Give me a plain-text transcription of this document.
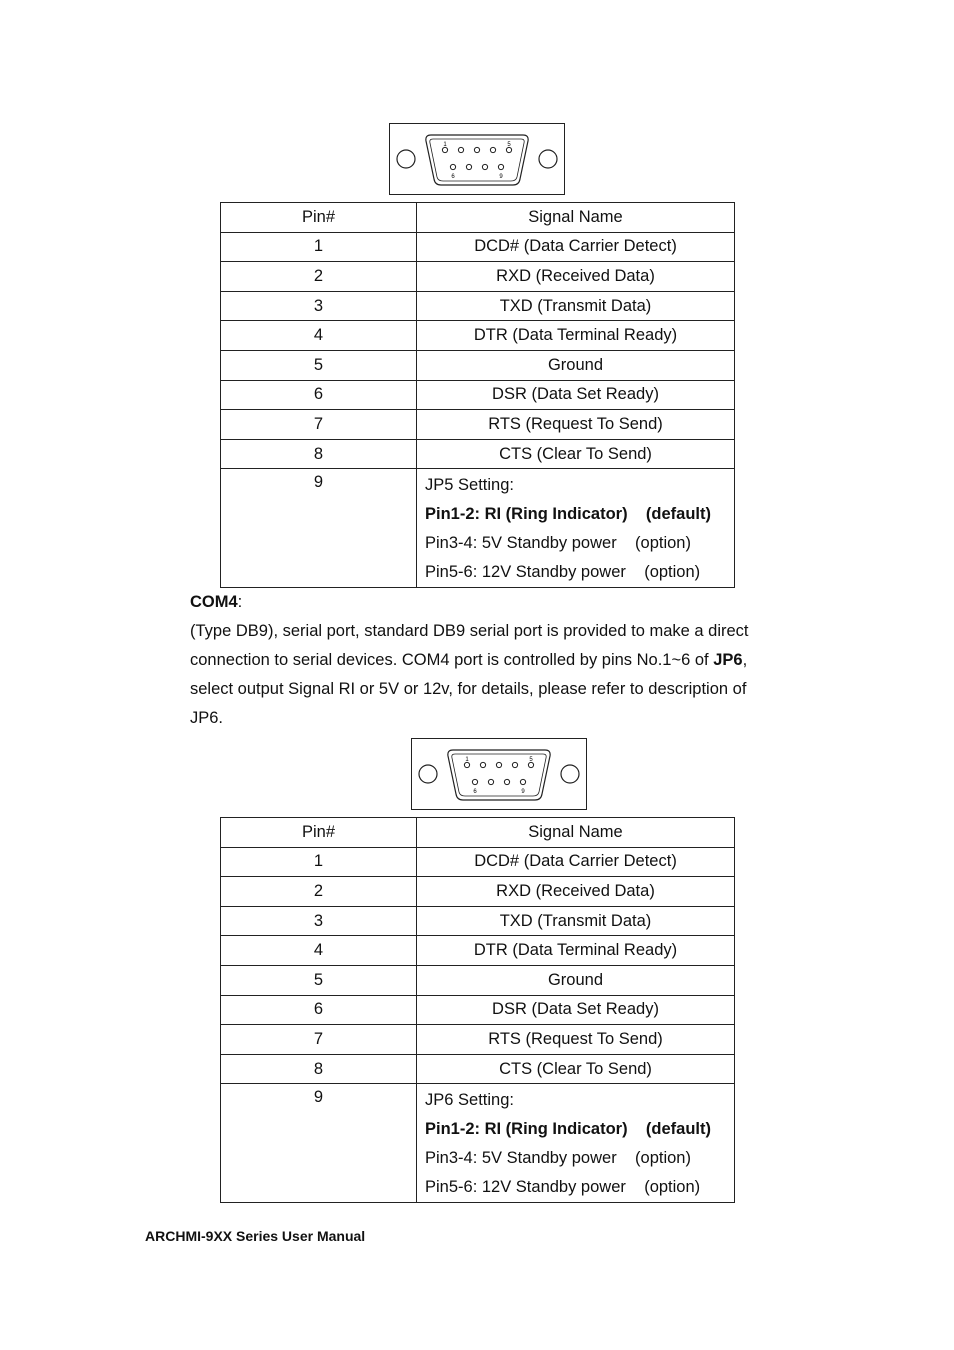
1	5
6	9
Pin#	Signal Name
1	DCD# (Data Carrier Detect)
2	RXD (Received Data)
3	TXD (Transmit Data)
4	DTR (Data Terminal Ready)
5	Ground
6	DSR (Data Set Ready)
7	RTS (Request To Send)
8	CTS (Clear To Send)

9	JP5 Setting:
Pin1-2: RI (Ring Indicator)    (default)
Pin3-4: 5V Standby power    (option)
Pin5-6: 12V Standby power    (option)
COM4:
(Type DB9), serial port, standard DB9 serial port is provided to make a direct
connection to serial devices. COM4 port is controlled by pins No.1~6 of JP6,
select output Signal RI or 5V or 12v, for details, please refer to description of
JP6.
1	5
6	9
Pin#	Signal Name
1	DCD# (Data Carrier Detect)
2	RXD (Received Data)
3	TXD (Transmit Data)
4	DTR (Data Terminal Ready)
5	Ground
6	DSR (Data Set Ready)
7	RTS (Request To Send)
8	CTS (Clear To Send)

9	JP6 Setting:
Pin1-2: RI (Ring Indicator)    (default)
Pin3-4: 5V Standby power    (option)
Pin5-6: 12V Standby power    (option)
ARCHMI-9XX Series User Manual
